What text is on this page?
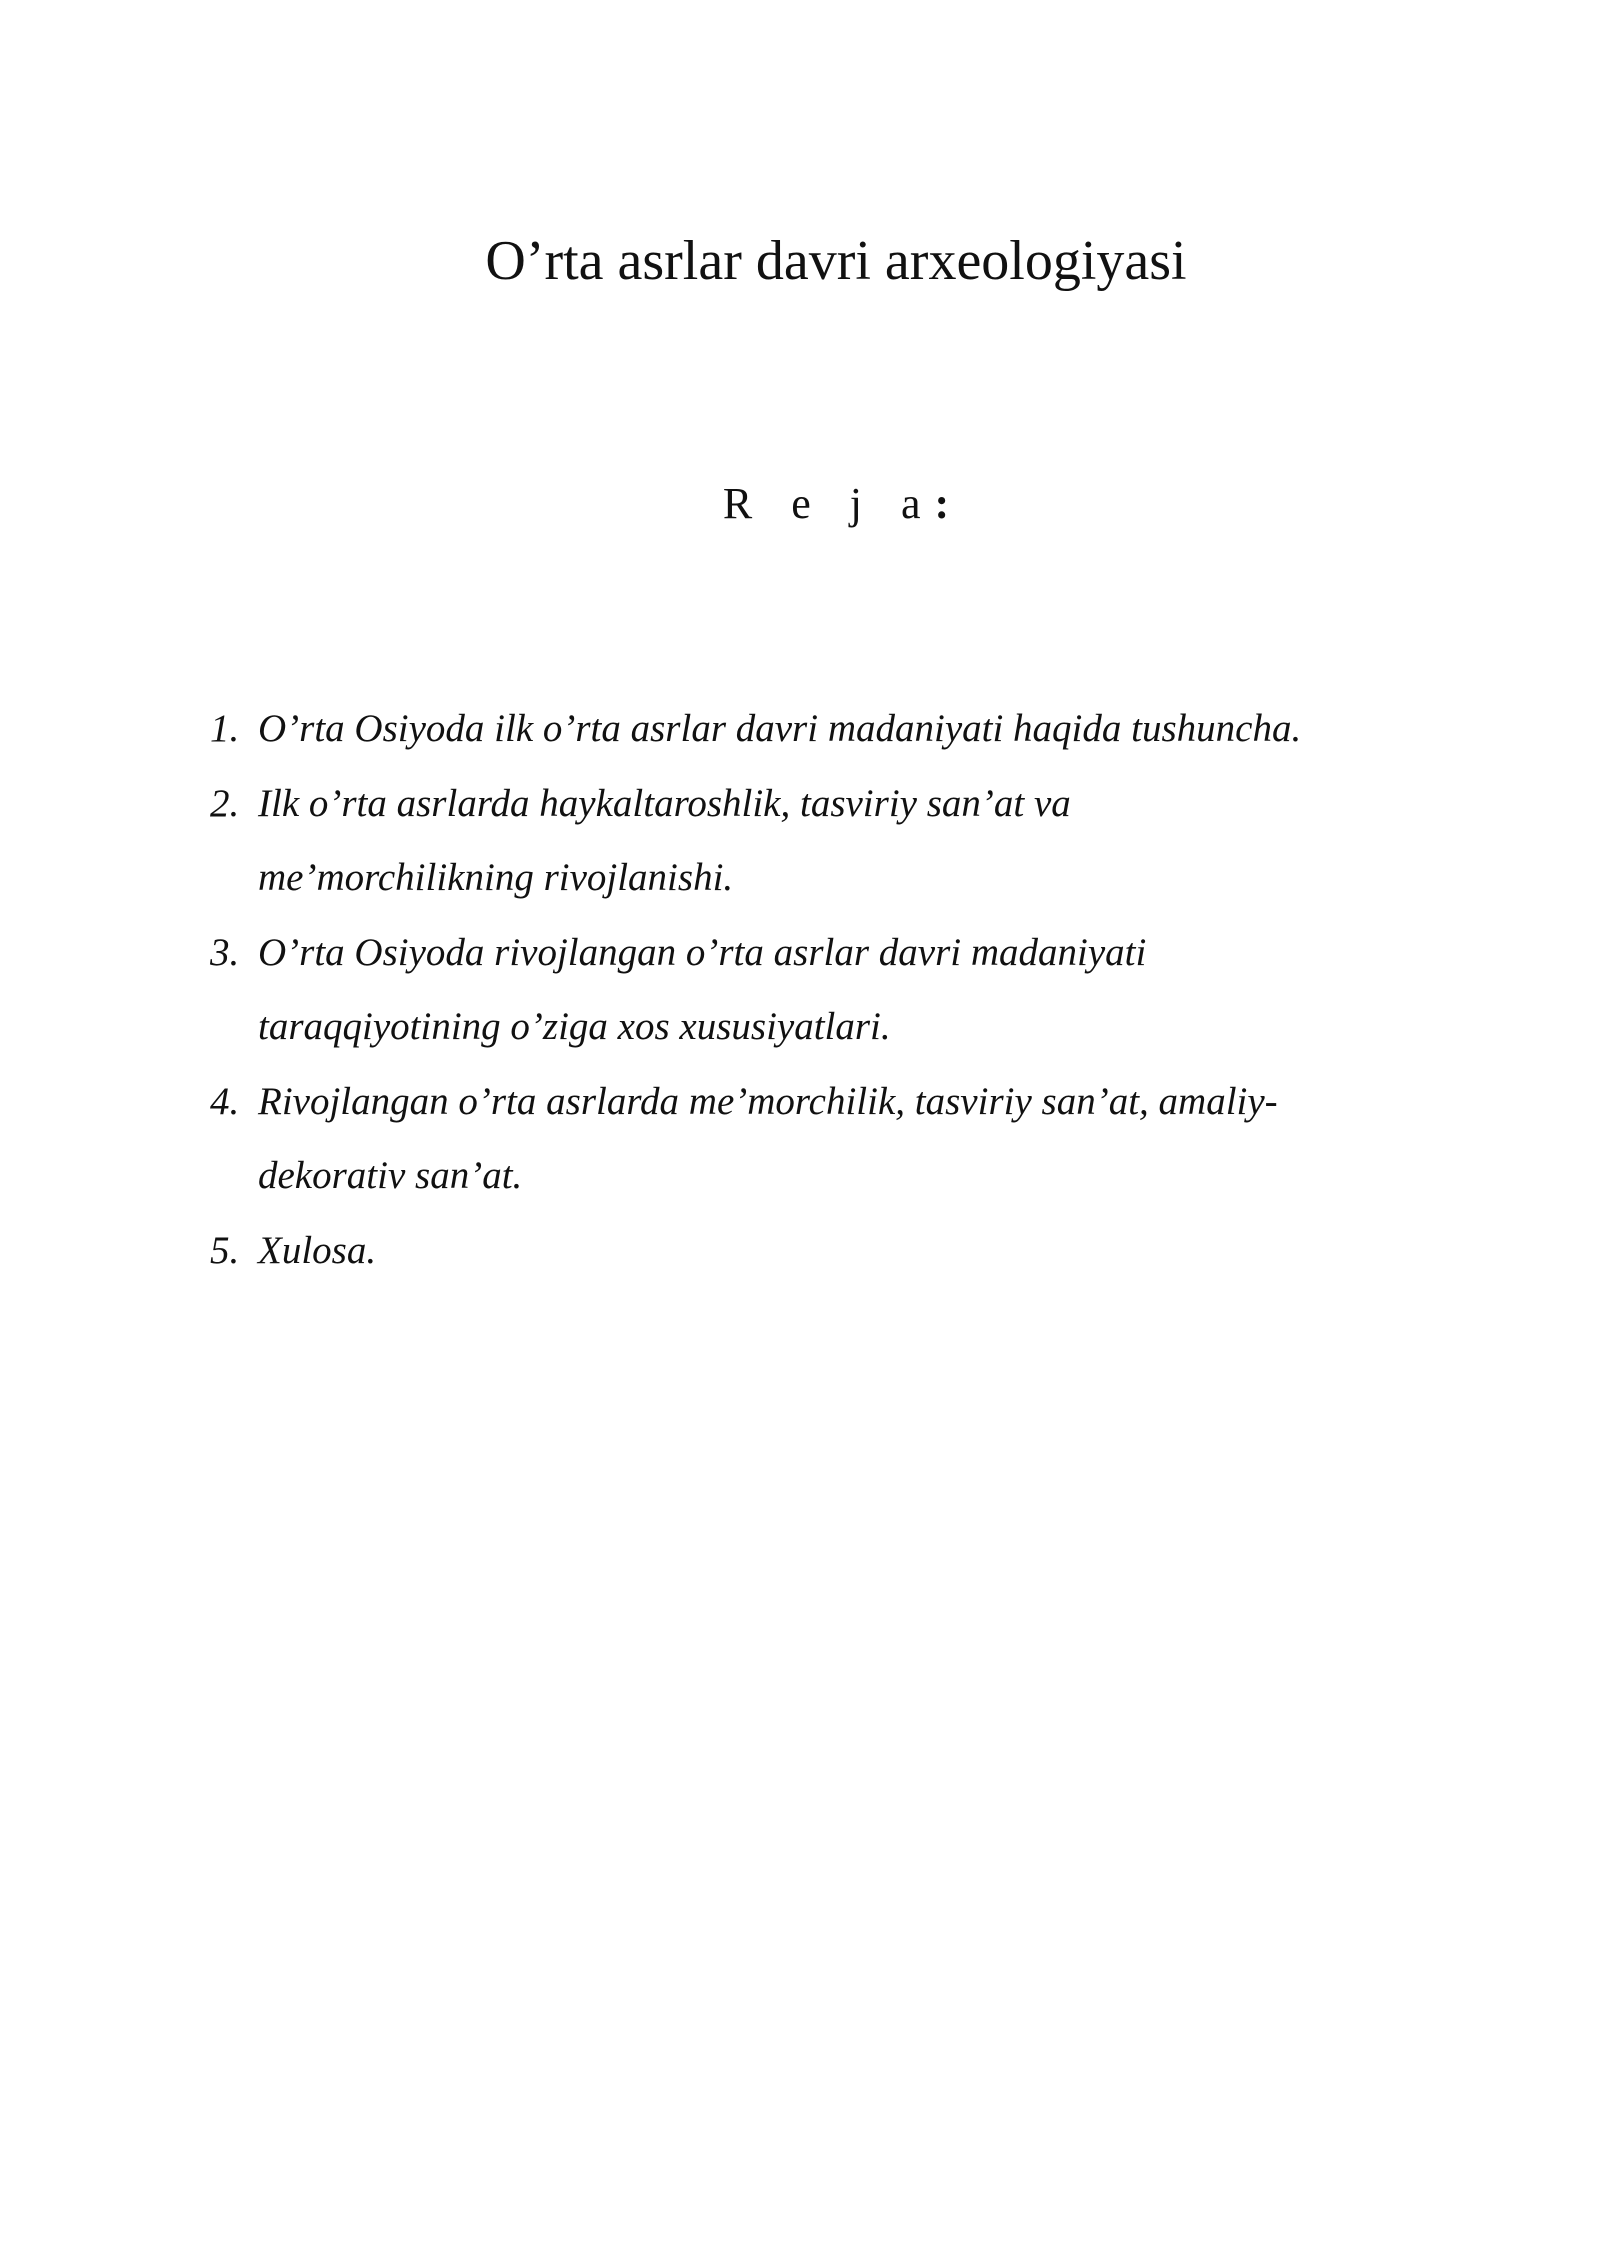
O’rta asrlar davri arxeologiyasi
R e j a:
1. O’rta Osiyoda ilk o’rta asrlar davri madaniyati haqida tushuncha.
2. Ilk o’rta asrlarda haykaltaroshlik, tasviriy san’at va
me’morchilikning rivojlanishi.
3. O’rta Osiyoda rivojlangan o’rta asrlar davri madaniyati
taraqqiyotining o’ziga xos xususiyatlari.
4. Rivojlangan o’rta asrlarda me’morchilik, tasviriy san’at, amaliy-
dekorativ san’at.
5. Xulosa.
